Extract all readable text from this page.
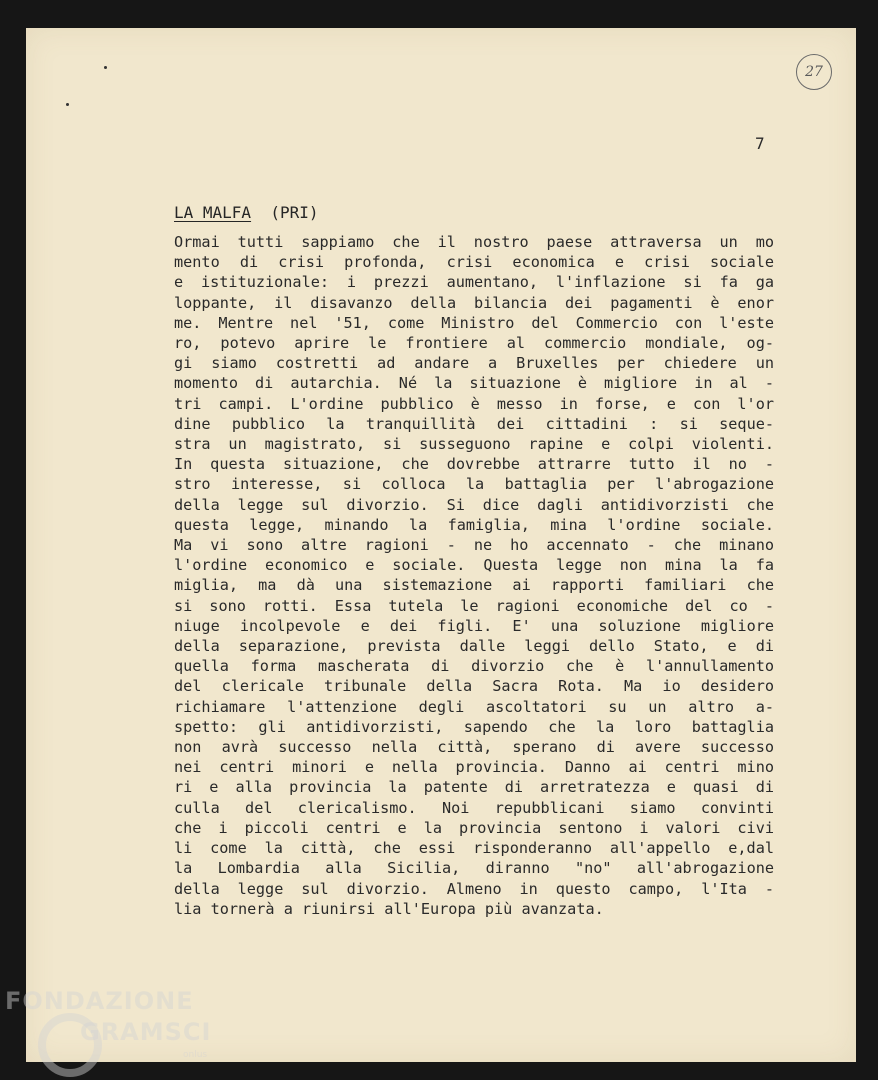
27
7
LA MALFA (PRI)
Ormai tutti sappiamo che il nostro paese attraversa un mo
mento di crisi profonda, crisi economica e crisi sociale
e istituzionale: i prezzi aumentano, l'inflazione si fa ga
loppante, il disavanzo della bilancia dei pagamenti è enor
me. Mentre nel '51, come Ministro del Commercio con l'este
ro, potevo aprire le frontiere al commercio mondiale, og-
gi siamo costretti ad andare a Bruxelles per chiedere un
momento di autarchia. Né la situazione è migliore in al -
tri campi. L'ordine pubblico è messo in forse, e con l'or
dine pubblico la tranquillità dei cittadini : si seque-
stra un magistrato, si susseguono rapine e colpi violenti.
In questa situazione, che dovrebbe attrarre tutto il no -
stro interesse, si colloca la battaglia per l'abrogazione
della legge sul divorzio. Si dice dagli antidivorzisti che
questa legge, minando la famiglia, mina l'ordine sociale.
Ma vi sono altre ragioni - ne ho accennato - che minano
l'ordine economico e sociale. Questa legge non mina la fa
miglia, ma dà una sistemazione ai rapporti familiari che
si sono rotti. Essa tutela le ragioni economiche del co -
niuge incolpevole e dei figli. E' una soluzione migliore
della separazione, prevista dalle leggi dello Stato, e di
quella forma mascherata di divorzio che è l'annullamento
del clericale tribunale della Sacra Rota. Ma io desidero
richiamare l'attenzione degli ascoltatori su un altro a-
spetto: gli antidivorzisti, sapendo che la loro battaglia
non avrà successo nella città, sperano di avere successo
nei centri minori e nella provincia. Danno ai centri mino
ri e alla provincia la patente di arretratezza e quasi di
culla del clericalismo. Noi repubblicani siamo convinti
che i piccoli centri e la provincia sentono i valori civi
li come la città, che essi risponderanno all'appello e,dal
la Lombardia alla Sicilia, diranno "no" all'abrogazione
della legge sul divorzio. Almeno in questo campo, l'Ita -
lia tornerà a riunirsi all'Europa più avanzata.
FONDAZIONE
GRAMSCI
onlus
